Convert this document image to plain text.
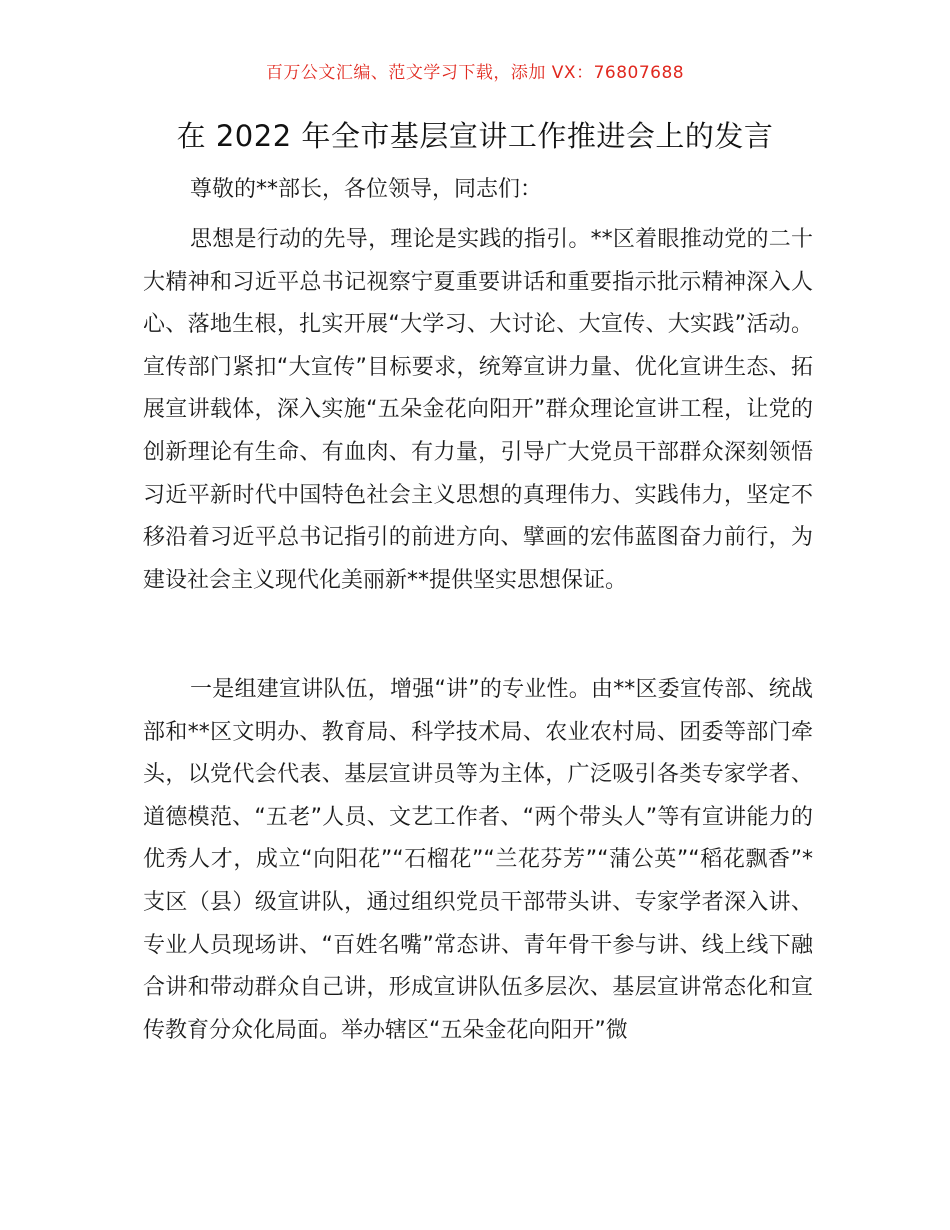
百万公文汇编、范文学习下载，添加 VX：76807688
在 2022 年全市基层宣讲工作推进会上的发言
尊敬的**部长，各位领导，同志们：

思想是行动的先导，理论是实践的指引。**区着眼推动党的二十大精神和习近平总书记视察宁夏重要讲话和重要指示批示精神深入人心、落地生根，扎实开展“大学习、大讨论、大宣传、大实践”活动。宣传部门紧扣“大宣传”目标要求，统筹宣讲力量、优化宣讲生态、拓展宣讲载体，深入实施“五朵金花向阳开”群众理论宣讲工程，让党的创新理论有生命、有血肉、有力量，引导广大党员干部群众深刻领悟习近平新时代中国特色社会主义思想的真理伟力、实践伟力，坚定不移沿着习近平总书记指引的前进方向、擘画的宏伟蓝图奋力前行，为建设社会主义现代化美丽新**提供坚实思想保证。

一是组建宣讲队伍，增强“讲”的专业性。由**区委宣传部、统战部和**区文明办、教育局、科学技术局、农业农村局、团委等部门牵头，以党代会代表、基层宣讲员等为主体，广泛吸引各类专家学者、道德模范、“五老”人员、文艺工作者、“两个带头人”等有宣讲能力的优秀人才，成立“向阳花”“石榴花”“兰花芬芳”“蒲公英”“稻花飘香”*支区（县）级宣讲队，通过组织党员干部带头讲、专家学者深入讲、专业人员现场讲、“百姓名嘴”常态讲、青年骨干参与讲、线上线下融合讲和带动群众自己讲，形成宣讲队伍多层次、基层宣讲常态化和宣传教育分众化局面。举办辖区“五朵金花向阳开”微
